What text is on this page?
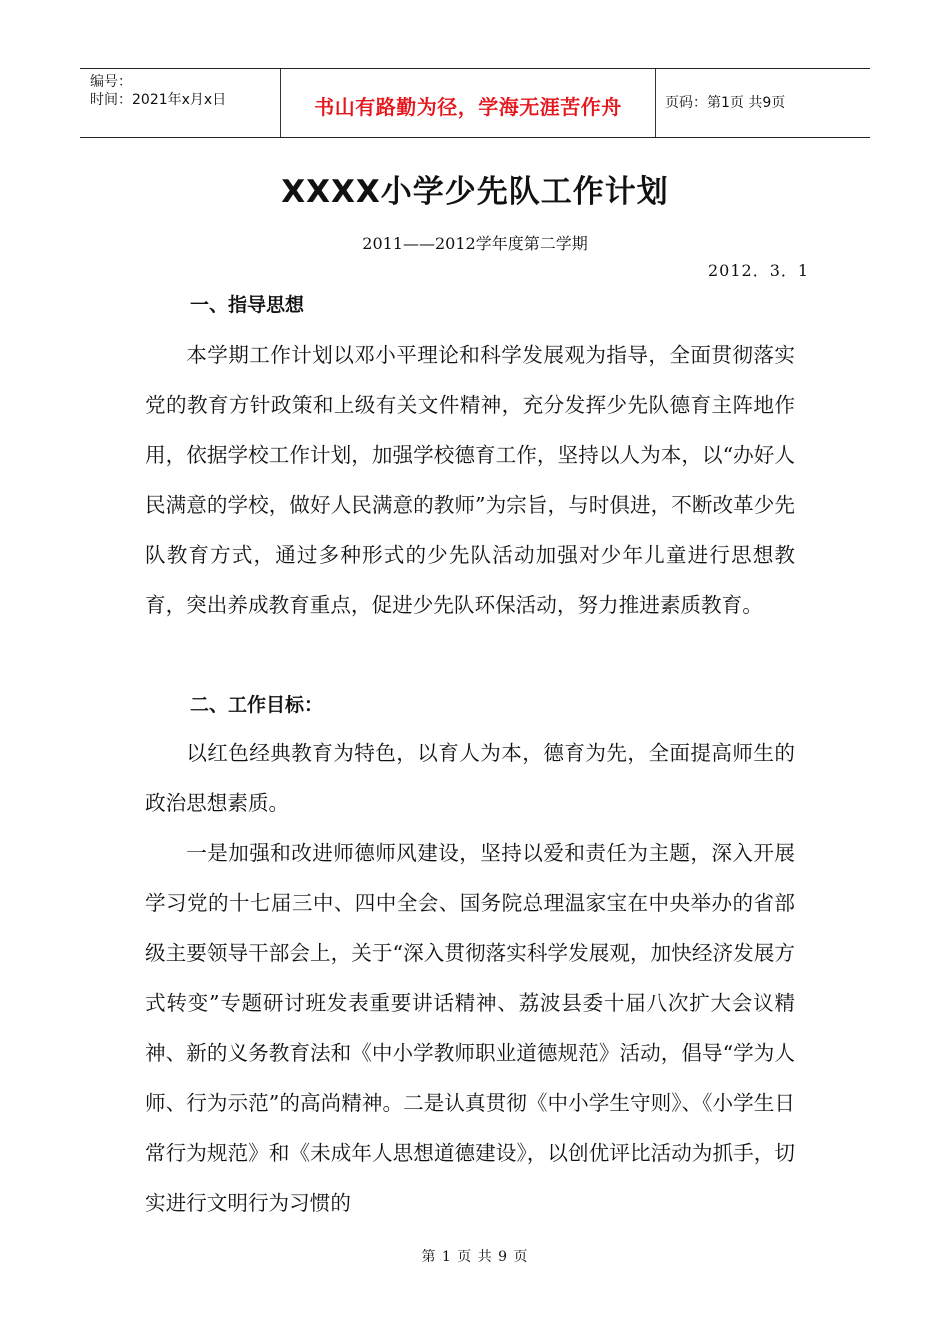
编号：
时间：2021年x月x日	书山有路勤为径，学海无涯苦作舟	页码：第1页 共9页
XXXX小学少先队工作计划
2011——2012学年度第二学期
2012．3．1
一、指导思想

本学期工作计划以邓小平理论和科学发展观为指导，全面贯彻落实党的教育方针政策和上级有关文件精神，充分发挥少先队德育主阵地作用，依据学校工作计划，加强学校德育工作，坚持以人为本，以“办好人民满意的学校，做好人民满意的教师”为宗旨，与时俱进，不断改革少先队教育方式，通过多种形式的少先队活动加强对少年儿童进行思想教育，突出养成教育重点，促进少先队环保活动，努力推进素质教育。

二、工作目标：

以红色经典教育为特色，以育人为本，德育为先，全面提高师生的政治思想素质。

一是加强和改进师德师风建设，坚持以爱和责任为主题，深入开展学习党的十七届三中、四中全会、国务院总理温家宝在中央举办的省部级主要领导干部会上，关于“深入贯彻落实科学发展观，加快经济发展方式转变”专题研讨班发表重要讲话精神、荔波县委十届八次扩大会议精神、新的义务教育法和《中小学教师职业道德规范》活动，倡导“学为人师、行为示范”的高尚精神。二是认真贯彻《中小学生守则》、《小学生日常行为规范》和《未成年人思想道德建设》，以创优评比活动为抓手，切实进行文明行为习惯的

第 1 页 共 9 页
